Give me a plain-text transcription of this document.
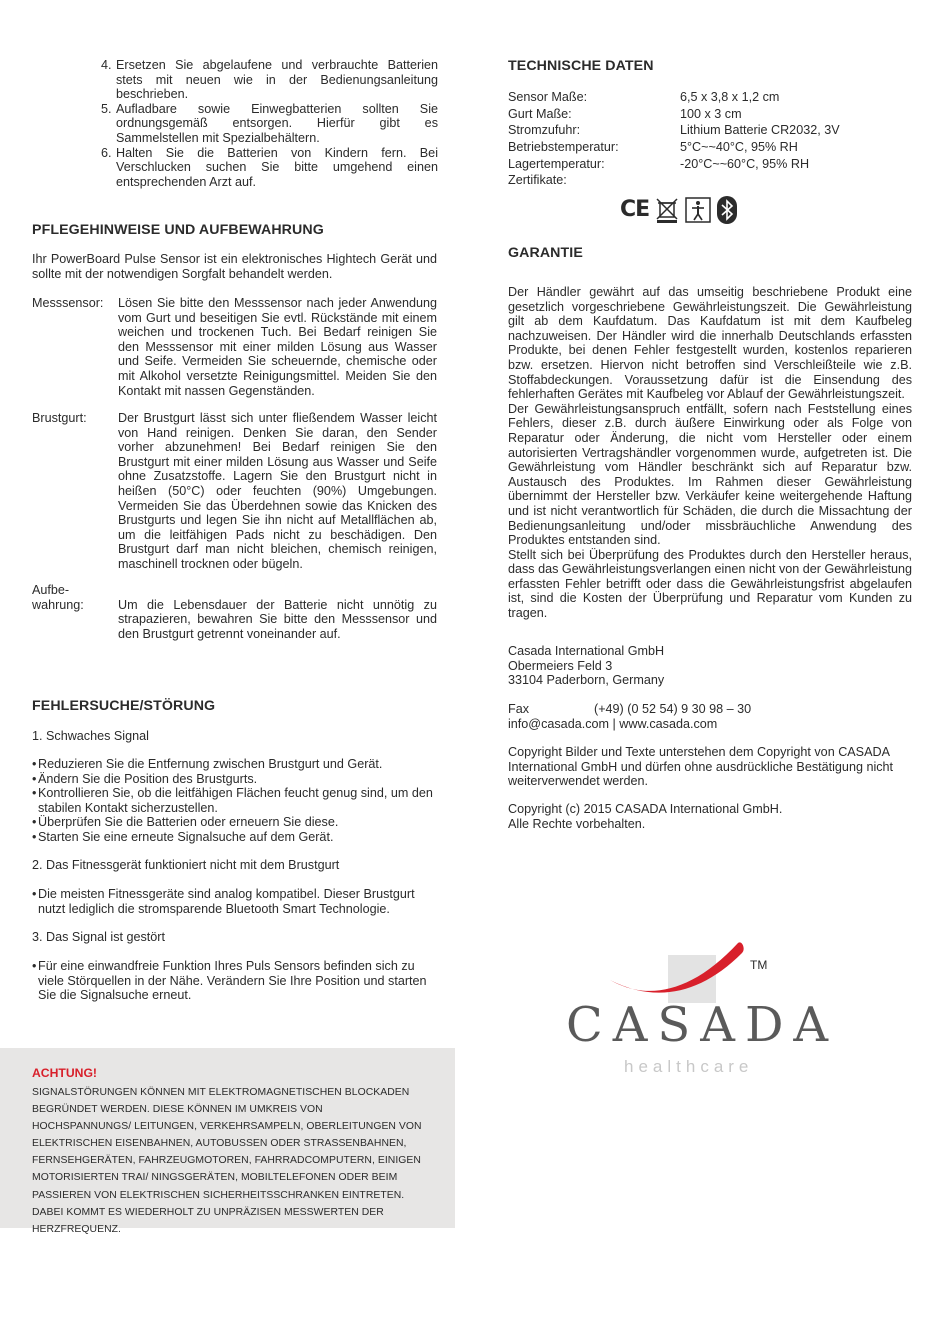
4. Ersetzen Sie abgelaufene und verbrauchte Batterien stets mit neuen wie in der Bedienungsanleitung beschrieben.
5. Aufladbare sowie Einwegbatterien sollten Sie ordnungsgemäß entsorgen. Hierfür gibt es Sammelstellen mit Spezialbehältern.
6. Halten Sie die Batterien von Kindern fern. Bei Verschlucken suchen Sie bitte umgehend einen entsprechenden Arzt auf.
PFLEGEHINWEISE UND AUFBEWAHRUNG

Ihr PowerBoard Pulse Sensor ist ein elektronisches Hightech Gerät und sollte mit der notwendigen Sorgfalt behandelt werden.

Messsensor:	Lösen Sie bitte den Messsensor nach jeder Anwendung vom Gurt und beseitigen Sie evtl. Rückstände mit einem weichen und trockenen Tuch. Bei Bedarf reinigen Sie den Messsensor mit einer milden Lösung aus Wasser und Seife. Vermeiden Sie scheuernde, chemische oder mit Alkohol versetzte Reinigungsmittel. Meiden Sie den Kontakt mit nassen Gegenständen.
Brustgurt:	Der Brustgurt lässt sich unter fließendem Wasser leicht von Hand reinigen. Denken Sie daran, den Sender vorher abzunehmen! Bei Bedarf reinigen Sie den Brustgurt mit einer milden Lösung aus Wasser und Seife ohne Zusatzstoffe. Lagern Sie den Brustgurt nicht in heißen (50°C) oder feuchten (90%) Umgebungen. Vermeiden Sie das Überdehnen sowie das Knicken des Brustgurts und legen Sie ihn nicht auf Metallflächen ab, um die leitfähigen Pads nicht zu beschädigen. Den Brustgurt darf man nicht bleichen, chemisch reinigen, maschinell trocknen oder bügeln.
Aufbe-
wahrung:	Um die Lebensdauer der Batterie nicht unnötig zu strapazieren, bewahren Sie bitte den Messsensor und den Brustgurt getrennt voneinander auf.
FEHLERSUCHE/STÖRUNG

1. Schwaches Signal

• Reduzieren Sie die Entfernung zwischen Brustgurt und Gerät.
• Ändern Sie die Position des Brustgurts.
• Kontrollieren Sie, ob die leitfähigen Flächen feucht genug sind, um den stabilen Kontakt sicherzustellen.
• Überprüfen Sie die Batterien oder erneuern Sie diese.
• Starten Sie eine erneute Signalsuche auf dem Gerät.

2. Das Fitnessgerät funktioniert nicht mit dem Brustgurt

• Die meisten Fitnessgeräte sind analog kompatibel. Dieser Brustgurt nutzt lediglich die stromsparende Bluetooth Smart Technologie.

3. Das Signal ist gestört

• Für eine einwandfreie Funktion Ihres Puls Sensors befinden sich zu viele Störquellen in der Nähe. Verändern Sie Ihre Position und starten Sie die Signalsuche erneut.
ACHTUNG!
SIGNALSTÖRUNGEN KÖNNEN MIT ELEKTROMAGNETISCHEN BLOCKADEN BEGRÜNDET WERDEN. DIESE KÖNNEN IM UMKREIS VON HOCHSPANNUNGS/ LEITUNGEN, VERKEHRSAMPELN, OBERLEITUNGEN VON ELEKTRISCHEN EISENBAHNEN, AUTOBUSSEN ODER STRASSENBAHNEN, FERNSEHGERÄTEN, FAHRZEUGMOTOREN, FAHRRADCOMPUTERN, EINIGEN MOTORISIERTEN TRAI/ NINGSGERÄTEN, MOBILTELEFONEN ODER BEIM PASSIEREN VON ELEKTRISCHEN SICHERHEITSSCHRANKEN EINTRETEN. DABEI KOMMT ES WIEDERHOLT ZU UNPRÄZISEN MESSWERTEN DER HERZFREQUENZ.
TECHNISCHE DATEN
Sensor Maße:	6,5 x 3,8 x 1,2 cm
Gurt Maße:	100 x 3 cm
Stromzufuhr:	Lithium Batterie CR2032, 3V
Betriebstemperatur:	5°C~~40°C, 95% RH
Lagertemperatur:	-20°C~~60°C, 95% RH
Zertifikate:
CE
GARANTIE

Der Händler gewährt auf das umseitig beschriebene Produkt eine gesetzlich vorgeschriebene Gewährleistungszeit. Die Gewährleistung gilt ab dem Kaufdatum. Das Kaufdatum ist mit dem Kaufbeleg nachzuweisen. Der Händler wird die innerhalb Deutschlands erfassten Produkte, bei denen Fehler festgestellt wurden, kostenlos reparieren bzw. ersetzen. Hiervon nicht betroffen sind Verschleißteile wie z.B. Stoffabdeckungen. Voraussetzung dafür ist die Einsendung des fehlerhaften Gerätes mit Kaufbeleg vor Ablauf der Gewährleistungszeit.

Der Gewährleistungsanspruch entfällt, sofern nach Feststellung eines Fehlers, dieser z.B. durch äußere Einwirkung oder als Folge von Reparatur oder Änderung, die nicht vom Hersteller oder einem autorisierten Vertragshändler vorgenommen wurde, aufgetreten ist. Die Gewährleistung vom Händler beschränkt sich auf Reparatur bzw. Austausch des Produktes. Im Rahmen dieser Gewährleistung übernimmt der Hersteller bzw. Verkäufer keine weitergehende Haftung und ist nicht verantwortlich für Schäden, die durch die Missachtung der Bedienungsanleitung und/oder missbräuchliche Anwendung des Produktes entstanden sind.

Stellt sich bei Überprüfung des Produktes durch den Hersteller heraus, dass das Gewährleistungsverlangen einen nicht von der Gewährleistung erfassten Fehler betrifft oder dass die Gewährleistungsfrist abgelaufen ist, sind die Kosten der Überprüfung und Reparatur vom Kunden zu tragen.

Casada International GmbH
Obermeiers Feld 3
33104 Paderborn, Germany
Fax	(+49) (0 52 54) 9 30 98 – 30
info@casada.com | www.casada.com
Copyright Bilder und Texte unterstehen dem Copyright von CASADA International GmbH und dürfen ohne ausdrückliche Bestätigung nicht weiterverwendet werden.
Copyright (c) 2015 CASADA International GmbH.
Alle Rechte vorbehalten.
TM
CASADA
healthcare
